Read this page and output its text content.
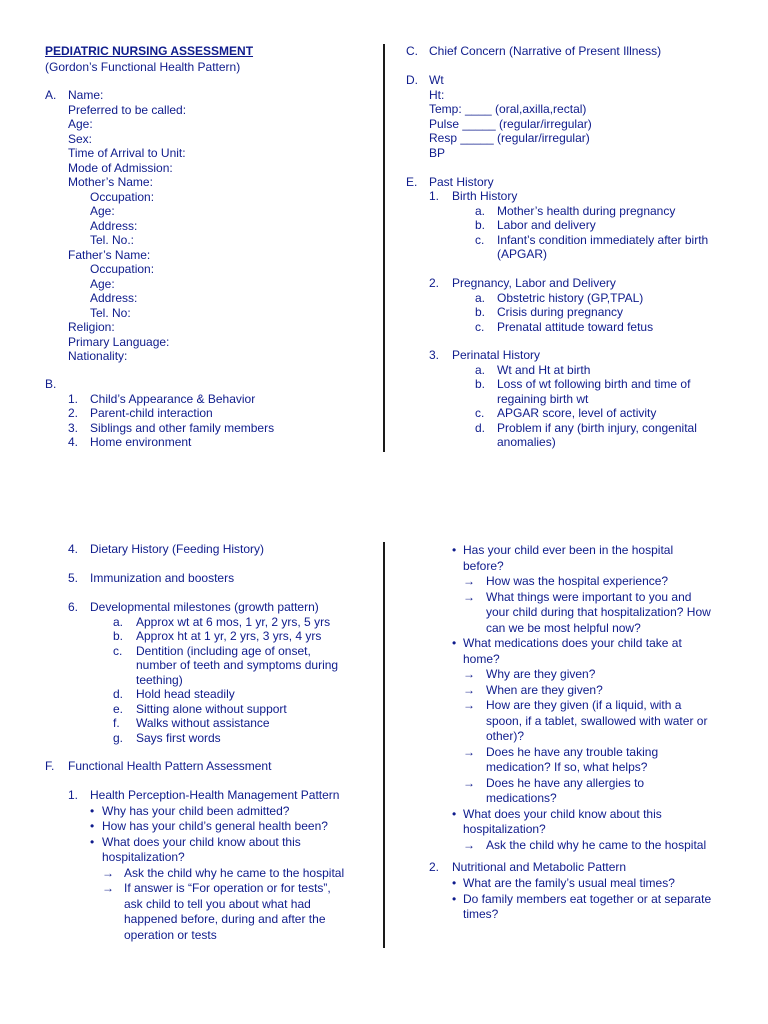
PEDIATRIC NURSING ASSESSMENT
(Gordon’s Functional Health Pattern)
A. Name:
Preferred to be called:
Age:
Sex:
Time of Arrival to Unit:
Mode of Admission:
Mother’s Name:
Occupation:
Age:
Address:
Tel. No.:
Father’s Name:
Occupation:
Age:
Address:
Tel. No:
Religion:
Primary Language:
Nationality:
B.
1. Child’s Appearance & Behavior
2. Parent-child interaction
3. Siblings and other family members
4. Home environment
C. Chief Concern (Narrative of Present Illness)
D. Wt
Ht:
Temp: ____ (oral,axilla,rectal)
Pulse _____ (regular/irregular)
Resp _____ (regular/irregular)
BP
E. Past History
1. Birth History
a. Mother’s health during pregnancy
b. Labor and delivery
c. Infant’s condition immediately after birth
(APGAR)
2. Pregnancy, Labor and Delivery
a. Obstetric history (GP,TPAL)
b. Crisis during pregnancy
c. Prenatal attitude toward fetus
3. Perinatal History
a. Wt and Ht at birth
b. Loss of wt following birth and time of
regaining birth wt
c. APGAR score, level of activity
d. Problem if any (birth injury, congenital
anomalies)
4. Dietary History (Feeding History)
5. Immunization and boosters
6. Developmental milestones (growth pattern)
a. Approx wt at 6 mos, 1 yr, 2 yrs, 5 yrs
b. Approx ht at 1 yr, 2 yrs, 3 yrs, 4 yrs
c. Dentition (including age of onset,
number of teeth and symptoms during
teething)
d. Hold head steadily
e. Sitting alone without support
f. Walks without assistance
g. Says first words
F. Functional Health Pattern Assessment
1. Health Perception-Health Management Pattern
• Why has your child been admitted?
• How has your child’s general health been?
• What does your child know about this
hospitalization?
→ Ask the child why he came to the hospital
→ If answer is “For operation or for tests”,
ask child to tell you about what had
happened before, during and after the
operation or tests
• Has your child ever been in the hospital
before?
→ How was the hospital experience?
→ What things were important to you and
your child during that hospitalization? How
can we be most helpful now?
• What medications does your child take at
home?
→ Why are they given?
→ When are they given?
→ How are they given (if a liquid, with a
spoon, if a tablet, swallowed with water or
other)?
→ Does he have any trouble taking
medication? If so, what helps?
→ Does he have any allergies to
medications?
• What does your child know about this
hospitalization?
→ Ask the child why he came to the hospital
2. Nutritional and Metabolic Pattern
• What are the family’s usual meal times?
• Do family members eat together or at separate
times?
